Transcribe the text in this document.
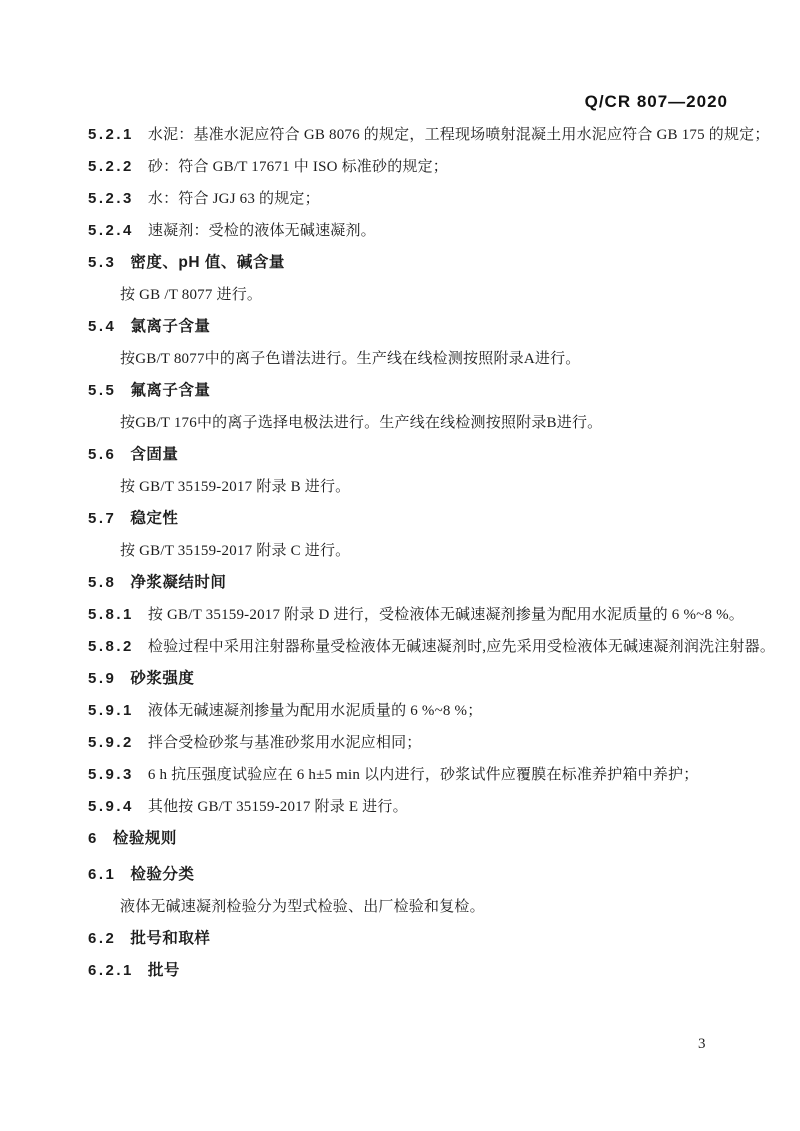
Q/CR 807—2020
5.2.1 水泥：基准水泥应符合 GB 8076 的规定，工程现场喷射混凝土用水泥应符合 GB 175 的规定；
5.2.2 砂：符合 GB/T 17671 中 ISO 标准砂的规定；
5.2.3 水：符合 JGJ 63 的规定；
5.2.4 速凝剂：受检的液体无碱速凝剂。
5.3 密度、pH 值、碱含量
按 GB /T 8077 进行。
5.4 氯离子含量
按GB/T 8077中的离子色谱法进行。生产线在线检测按照附录A进行。
5.5 氟离子含量
按GB/T 176中的离子选择电极法进行。生产线在线检测按照附录B进行。
5.6 含固量
按 GB/T 35159-2017 附录 B 进行。
5.7 稳定性
按 GB/T 35159-2017 附录 C 进行。
5.8 净浆凝结时间
5.8.1 按 GB/T 35159-2017 附录 D 进行，受检液体无碱速凝剂掺量为配用水泥质量的 6 %~8 %。
5.8.2 检验过程中采用注射器称量受检液体无碱速凝剂时,应先采用受检液体无碱速凝剂润洗注射器。
5.9 砂浆强度
5.9.1 液体无碱速凝剂掺量为配用水泥质量的 6 %~8 %；
5.9.2 拌合受检砂浆与基准砂浆用水泥应相同；
5.9.3 6 h 抗压强度试验应在 6 h±5 min 以内进行，砂浆试件应覆膜在标准养护箱中养护；
5.9.4 其他按 GB/T 35159-2017 附录 E 进行。
6 检验规则
6.1 检验分类
液体无碱速凝剂检验分为型式检验、出厂检验和复检。
6.2 批号和取样
6.2.1 批号
3
